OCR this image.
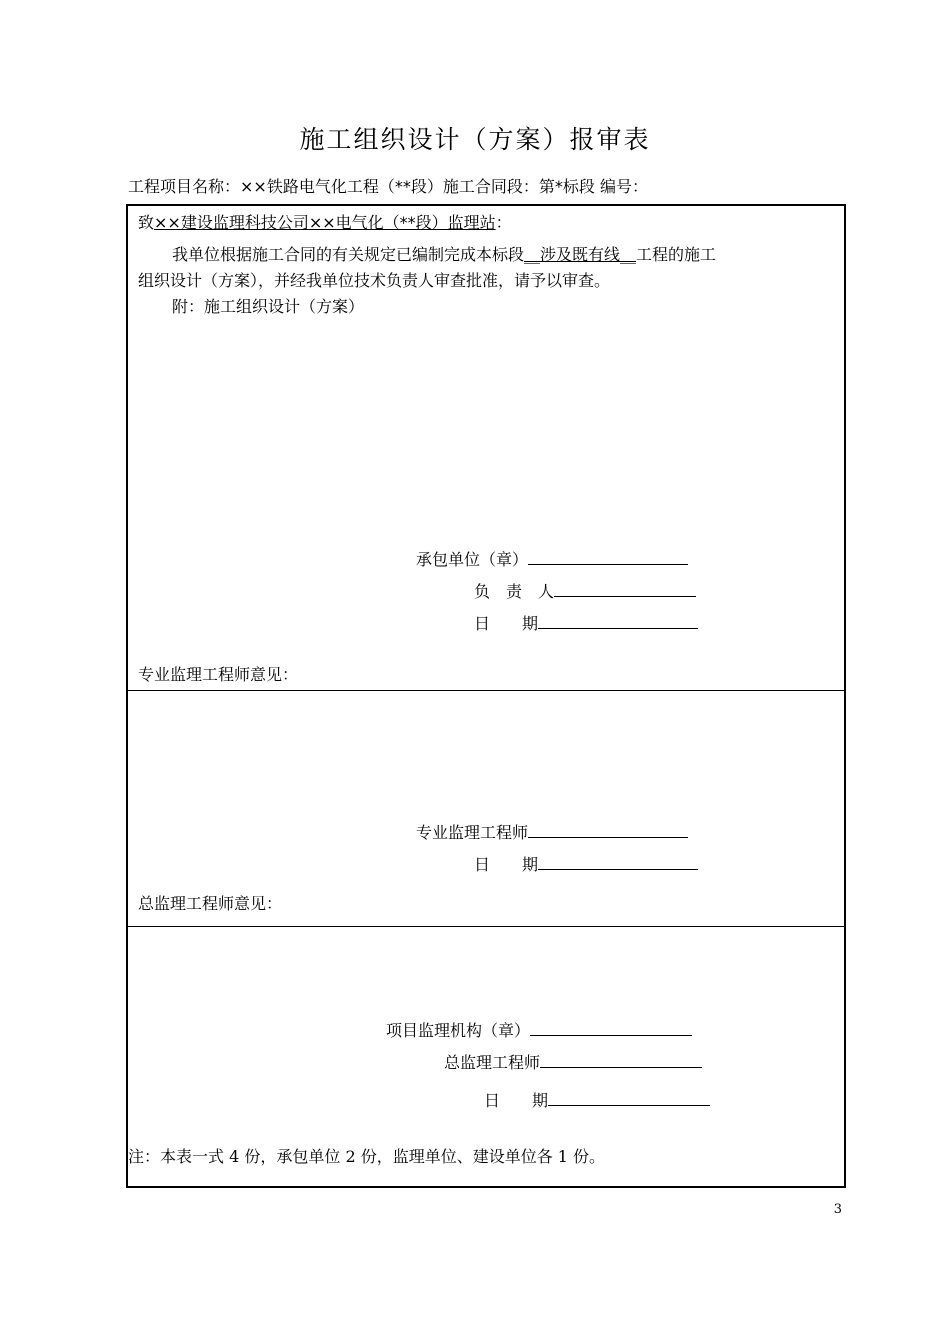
施工组织设计（方案）报审表
工程项目名称：××铁路电气化工程（**段）施工合同段：第*标段 编号：
致××建设监理科技公司××电气化（**段）监理站：
我单位根据施工合同的有关规定已编制完成本标段__涉及既有线__工程的施工
组织设计（方案），并经我单位技术负责人审查批准，请予以审查。
附：施工组织设计（方案）
承包单位（章）
负　责　人
日　　期
专业监理工程师意见：
专业监理工程师
日　　期
总监理工程师意见：
项目监理机构（章）
总监理工程师
日　　期
注：本表一式 4 份，承包单位 2 份，监理单位、建设单位各 1 份。
3
